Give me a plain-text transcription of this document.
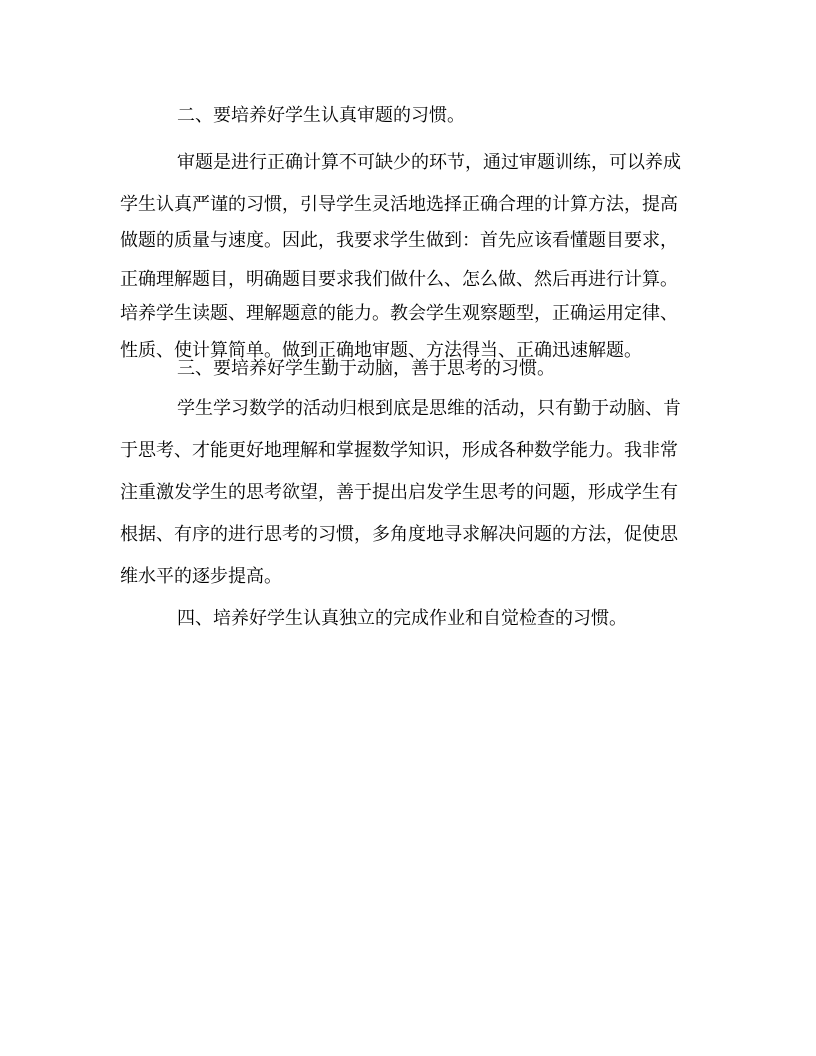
二、要培养好学生认真审题的习惯。
审题是进行正确计算不可缺少的环节，通过审题训练，可以养成
学生认真严谨的习惯，引导学生灵活地选择正确合理的计算方法，提高
做题的质量与速度。因此，我要求学生做到：首先应该看懂题目要求，
正确理解题目，明确题目要求我们做什么、怎么做、然后再进行计算。
培养学生读题、理解题意的能力。教会学生观察题型，正确运用定律、
性质、使计算简单。做到正确地审题、方法得当、正确迅速解题。
三、要培养好学生勤于动脑，善于思考的习惯。
学生学习数学的活动归根到底是思维的活动，只有勤于动脑、肯
于思考、才能更好地理解和掌握数学知识，形成各种数学能力。我非常
注重激发学生的思考欲望，善于提出启发学生思考的问题，形成学生有
根据、有序的进行思考的习惯，多角度地寻求解决问题的方法，促使思
维水平的逐步提高。
四、培养好学生认真独立的完成作业和自觉检查的习惯。
